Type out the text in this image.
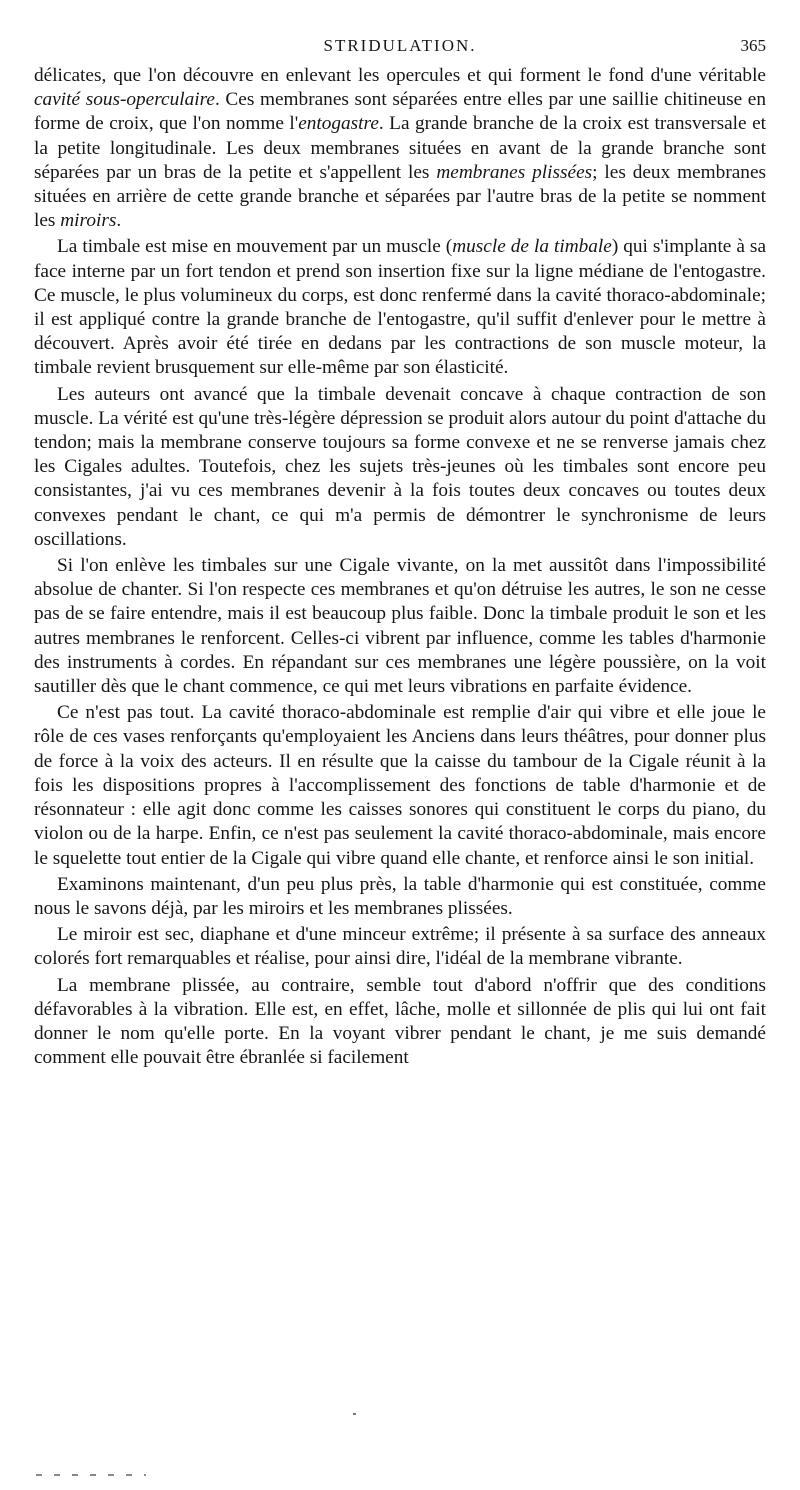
STRIDULATION.	365

délicates, que l'on découvre en enlevant les opercules et qui forment le fond d'une véritable cavité sous-operculaire. Ces membranes sont séparées entre elles par une saillie chitineuse en forme de croix, que l'on nomme l'entogastre. La grande branche de la croix est transversale et la petite longitudinale. Les deux membranes situées en avant de la grande branche sont séparées par un bras de la petite et s'appellent les membranes plissées; les deux membranes situées en arrière de cette grande branche et séparées par l'autre bras de la petite se nomment les miroirs.

La timbale est mise en mouvement par un muscle (muscle de la timbale) qui s'implante à sa face interne par un fort tendon et prend son insertion fixe sur la ligne médiane de l'entogastre. Ce muscle, le plus volumineux du corps, est donc renfermé dans la cavité thoraco-abdominale; il est appliqué contre la grande branche de l'entogastre, qu'il suffit d'enlever pour le mettre à découvert. Après avoir été tirée en dedans par les contractions de son muscle moteur, la timbale revient brusquement sur elle-même par son élasticité.

Les auteurs ont avancé que la timbale devenait concave à chaque contraction de son muscle. La vérité est qu'une très-légère dépression se produit alors autour du point d'attache du tendon; mais la membrane conserve toujours sa forme convexe et ne se renverse jamais chez les Cigales adultes. Toutefois, chez les sujets très-jeunes où les timbales sont encore peu consistantes, j'ai vu ces membranes devenir à la fois toutes deux concaves ou toutes deux convexes pendant le chant, ce qui m'a permis de démontrer le synchronisme de leurs oscillations.

Si l'on enlève les timbales sur une Cigale vivante, on la met aussitôt dans l'impossibilité absolue de chanter. Si l'on respecte ces membranes et qu'on détruise les autres, le son ne cesse pas de se faire entendre, mais il est beaucoup plus faible. Donc la timbale produit le son et les autres membranes le renforcent. Celles-ci vibrent par influence, comme les tables d'harmonie des instruments à cordes. En répandant sur ces membranes une légère poussière, on la voit sautiller dès que le chant commence, ce qui met leurs vibrations en parfaite évidence.

Ce n'est pas tout. La cavité thoraco-abdominale est remplie d'air qui vibre et elle joue le rôle de ces vases renforçants qu'employaient les Anciens dans leurs théâtres, pour donner plus de force à la voix des acteurs. Il en résulte que la caisse du tambour de la Cigale réunit à la fois les dispositions propres à l'accomplissement des fonctions de table d'harmonie et de résonnateur : elle agit donc comme les caisses sonores qui constituent le corps du piano, du violon ou de la harpe. Enfin, ce n'est pas seulement la cavité thoraco-abdominale, mais encore le squelette tout entier de la Cigale qui vibre quand elle chante, et renforce ainsi le son initial.

Examinons maintenant, d'un peu plus près, la table d'harmonie qui est constituée, comme nous le savons déjà, par les miroirs et les membranes plissées.

Le miroir est sec, diaphane et d'une minceur extrême; il présente à sa surface des anneaux colorés fort remarquables et réalise, pour ainsi dire, l'idéal de la membrane vibrante.

La membrane plissée, au contraire, semble tout d'abord n'offrir que des conditions défavorables à la vibration. Elle est, en effet, lâche, molle et sillonnée de plis qui lui ont fait donner le nom qu'elle porte. En la voyant vibrer pendant le chant, je me suis demandé comment elle pouvait être ébranlée si facilement
